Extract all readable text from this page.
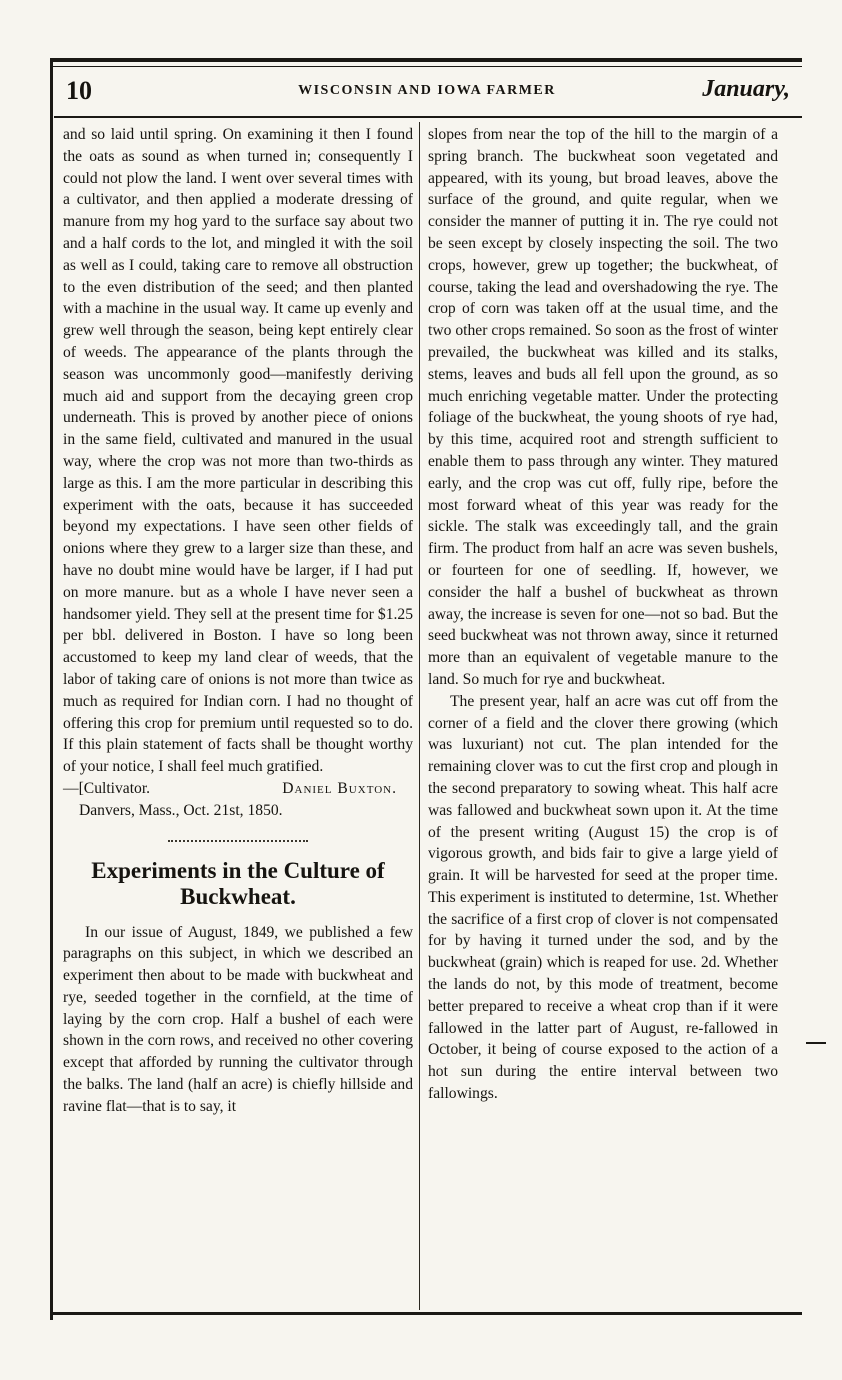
10	WISCONSIN AND IOWA FARMER	January,

and so laid until spring. On examining it then I found the oats as sound as when turned in; consequently I could not plow the land. I went over several times with a cultivator, and then applied a moderate dressing of manure from my hog yard to the surface say about two and a half cords to the lot, and mingled it with the soil as well as I could, taking care to remove all obstruction to the even distribution of the seed; and then planted with a machine in the usual way. It came up evenly and grew well through the season, being kept entirely clear of weeds. The appearance of the plants through the season was uncommonly good—manifestly deriving much aid and support from the decaying green crop underneath. This is proved by another piece of onions in the same field, cultivated and manured in the usual way, where the crop was not more than two-thirds as large as this. I am the more particular in describing this experiment with the oats, because it has succeeded beyond my expectations. I have seen other fields of onions where they grew to a larger size than these, and have no doubt mine would have be larger, if I had put on more manure. but as a whole I have never seen a handsomer yield. They sell at the present time for $1.25 per bbl. delivered in Boston. I have so long been accustomed to keep my land clear of weeds, that the labor of taking care of onions is not more than twice as much as required for Indian corn. I had no thought of offering this crop for premium until requested so to do. If this plain statement of facts shall be thought worthy of your notice, I shall feel much gratified.

—[Cultivator.	Daniel Buxton.

Danvers, Mass., Oct. 21st, 1850.

Experiments in the Culture of Buckwheat.

In our issue of August, 1849, we published a few paragraphs on this subject, in which we described an experiment then about to be made with buckwheat and rye, seeded together in the cornfield, at the time of laying by the corn crop. Half a bushel of each were shown in the corn rows, and received no other covering except that afforded by running the cultivator through the balks. The land (half an acre) is chiefly hillside and ravine flat—that is to say, it

slopes from near the top of the hill to the margin of a spring branch. The buckwheat soon vegetated and appeared, with its young, but broad leaves, above the surface of the ground, and quite regular, when we consider the manner of putting it in. The rye could not be seen except by closely inspecting the soil. The two crops, however, grew up together; the buckwheat, of course, taking the lead and overshadowing the rye. The crop of corn was taken off at the usual time, and the two other crops remained. So soon as the frost of winter prevailed, the buckwheat was killed and its stalks, stems, leaves and buds all fell upon the ground, as so much enriching vegetable matter. Under the protecting foliage of the buckwheat, the young shoots of rye had, by this time, acquired root and strength sufficient to enable them to pass through any winter. They matured early, and the crop was cut off, fully ripe, before the most forward wheat of this year was ready for the sickle. The stalk was exceedingly tall, and the grain firm. The product from half an acre was seven bushels, or fourteen for one of seedling. If, however, we consider the half a bushel of buckwheat as thrown away, the increase is seven for one—not so bad. But the seed buckwheat was not thrown away, since it returned more than an equivalent of vegetable manure to the land. So much for rye and buckwheat.

The present year, half an acre was cut off from the corner of a field and the clover there growing (which was luxuriant) not cut. The plan intended for the remaining clover was to cut the first crop and plough in the second preparatory to sowing wheat. This half acre was fallowed and buckwheat sown upon it. At the time of the present writing (August 15) the crop is of vigorous growth, and bids fair to give a large yield of grain. It will be harvested for seed at the proper time. This experiment is instituted to determine, 1st. Whether the sacrifice of a first crop of clover is not compensated for by having it turned under the sod, and by the buckwheat (grain) which is reaped for use. 2d. Whether the lands do not, by this mode of treatment, become better prepared to receive a wheat crop than if it were fallowed in the latter part of August, re-fallowed in October, it being of course exposed to the action of a hot sun during the entire interval between two fallowings.
